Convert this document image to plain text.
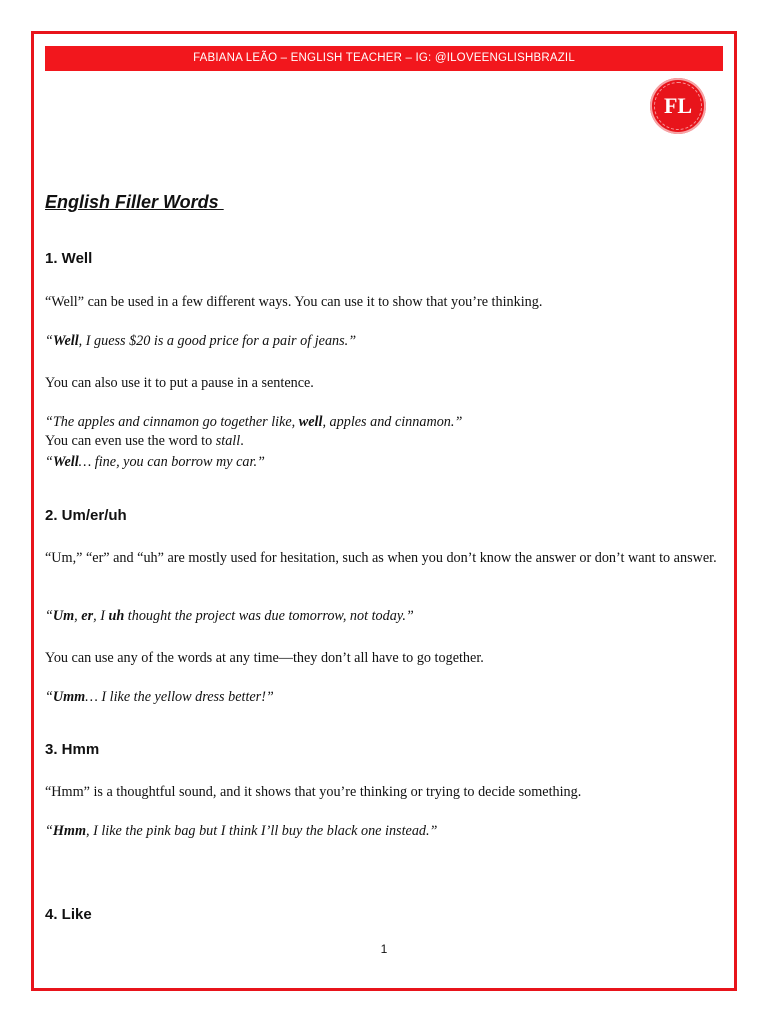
FABIANA LEÃO – ENGLISH TEACHER – IG: @ILOVEENGLISHBRAZIL
FL
English Filler Words
1. Well

“Well” can be used in a few different ways. You can use it to show that you’re thinking.

“Well, I guess $20 is a good price for a pair of jeans.”

You can also use it to put a pause in a sentence.

“The apples and cinnamon go together like, well, apples and cinnamon.”

You can even use the word to stall.

“Well… fine, you can borrow my car.”

2. Um/er/uh

“Um,” “er” and “uh” are mostly used for hesitation, such as when you don’t know the answer or don’t want to answer.

“Um, er, I uh thought the project was due tomorrow, not today.”

You can use any of the words at any time—they don’t all have to go together.

“Umm… I like the yellow dress better!”

3. Hmm

“Hmm” is a thoughtful sound, and it shows that you’re thinking or trying to decide something.

“Hmm, I like the pink bag but I think I’ll buy the black one instead.”

4. Like
1
